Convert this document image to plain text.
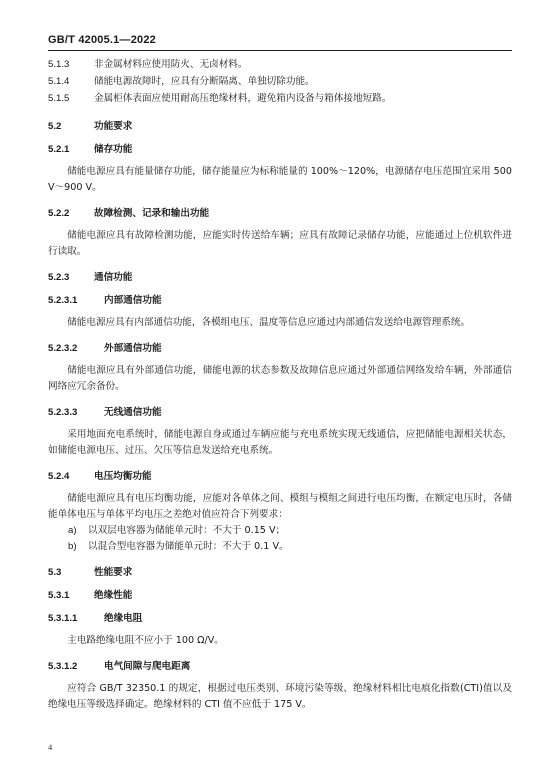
GB/T 42005.1—2022
5.1.3	非金属材料应使用防火、无卤材料。
5.1.4	储能电源故障时，应具有分断隔离、单独切除功能。
5.1.5	金属柜体表面应使用耐高压绝缘材料，避免箱内设备与箱体接地短路。
5.2	功能要求
5.2.1	储存功能

储能电源应具有能量储存功能，储存能量应为标称能量的 100%～120%，电源储存电压范围宜采用 500 V～900 V。

5.2.2	故障检测、记录和输出功能

储能电源应具有故障检测功能，应能实时传送给车辆；应具有故障记录储存功能，应能通过上位机软件进行读取。

5.2.3	通信功能
5.2.3.1	内部通信功能

储能电源应具有内部通信功能，各模组电压、温度等信息应通过内部通信发送给电源管理系统。

5.2.3.2	外部通信功能

储能电源应具有外部通信功能，储能电源的状态参数及故障信息应通过外部通信网络发给车辆，外部通信网络应冗余备份。

5.2.3.3	无线通信功能

采用地面充电系统时，储能电源自身或通过车辆应能与充电系统实现无线通信，应把储能电源相关状态，如储能电源电压、过压、欠压等信息发送给充电系统。

5.2.4	电压均衡功能

储能电源应具有电压均衡功能，应能对各单体之间、模组与模组之间进行电压均衡，在额定电压时，各储能单体电压与单体平均电压之差绝对值应符合下列要求：

a) 以双层电容器为储能单元时：不大于 0.15 V；
b) 以混合型电容器为储能单元时：不大于 0.1 V。
5.3	性能要求
5.3.1	绝缘性能
5.3.1.1	绝缘电阻

主电路绝缘电阻不应小于 100 Ω/V。

5.3.1.2	电气间隙与爬电距离

应符合 GB/T 32350.1 的规定，根据过电压类别、环境污染等级、绝缘材料相比电痕化指数(CTI)值以及绝缘电压等级选择确定。绝缘材料的 CTI 值不应低于 175 V。

4
